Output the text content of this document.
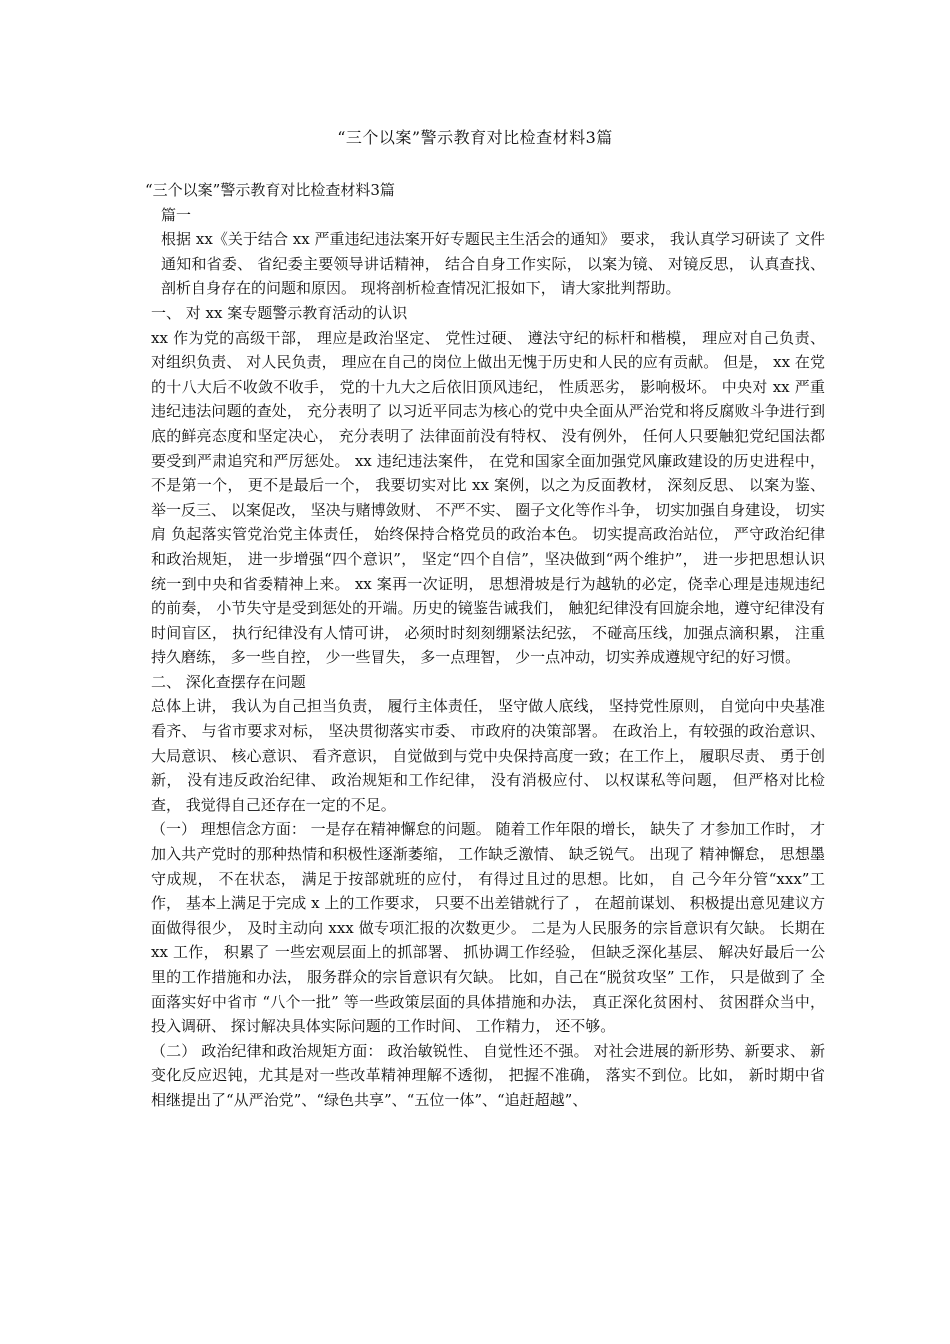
“三个以案”警示教育对比检查材料3篇

“三个以案”警示教育对比检查材料3篇

篇一

根据 xx《关于结合 xx 严重违纪违法案开好专题民主生活会的通知》 要求， 我认真学习研读了 文件通知和省委、 省纪委主要领导讲话精神， 结合自身工作实际， 以案为镜、 对镜反思， 认真查找、 剖析自身存在的问题和原因。 现将剖析检查情况汇报如下， 请大家批判帮助。

一、 对 xx 案专题警示教育活动的认识

xx 作为党的高级干部， 理应是政治坚定、 党性过硬、 遵法守纪的标杆和楷模， 理应对自己负责、 对组织负责、 对人民负责， 理应在自己的岗位上做出无愧于历史和人民的应有贡献。 但是， xx 在党的十八大后不收敛不收手， 党的十九大之后依旧顶风违纪， 性质恶劣， 影响极坏。 中央对 xx 严重违纪违法问题的查处， 充分表明了 以习近平同志为核心的党中央全面从严治党和将反腐败斗争进行到底的鲜亮态度和坚定决心， 充分表明了 法律面前没有特权、 没有例外， 任何人只要触犯党纪国法都要受到严肃追究和严厉惩处。 xx 违纪违法案件， 在党和国家全面加强党风廉政建设的历史进程中， 不是第一个， 更不是最后一个， 我要切实对比 xx 案例，以之为反面教材， 深刻反思、 以案为鉴、 举一反三、 以案促改， 坚决与赌博敛财、 不严不实、 圈子文化等作斗争， 切实加强自身建设， 切实肩 负起落实管党治党主体责任， 始终保持合格党员的政治本色。 切实提高政治站位， 严守政治纪律和政治规矩， 进一步增强“四个意识”， 坚定“四个自信”，坚决做到“两个维护”， 进一步把思想认识统一到中央和省委精神上来。 xx 案再一次证明， 思想滑坡是行为越轨的必定，侥幸心理是违规违纪的前奏， 小节失守是受到惩处的开端。历史的镜鉴告诫我们， 触犯纪律没有回旋余地，遵守纪律没有时间盲区， 执行纪律没有人情可讲， 必须时时刻刻绷紧法纪弦， 不碰高压线，加强点滴积累， 注重持久磨练， 多一些自控， 少一些冒失， 多一点理智， 少一点冲动，切实养成遵规守纪的好习惯。

二、 深化查摆存在问题

总体上讲， 我认为自己担当负责， 履行主体责任， 坚守做人底线， 坚持党性原则， 自觉向中央基准看齐、 与省市要求对标， 坚决贯彻落实市委、 市政府的决策部署。 在政治上，有较强的政治意识、 大局意识、 核心意识、 看齐意识， 自觉做到与党中央保持高度一致；在工作上， 履职尽责、 勇于创新， 没有违反政治纪律、 政治规矩和工作纪律， 没有消极应付、 以权谋私等问题， 但严格对比检查， 我觉得自己还存在一定的不足。

（一） 理想信念方面： 一是存在精神懈怠的问题。 随着工作年限的增长， 缺失了 才参加工作时， 才加入共产党时的那种热情和积极性逐渐萎缩， 工作缺乏激情、 缺乏锐气。 出现了 精神懈怠， 思想墨守成规， 不在状态， 满足于按部就班的应付， 有得过且过的思想。比如， 自 己今年分管“xxx”工作， 基本上满足于完成 x 上的工作要求， 只要不出差错就行了 ， 在超前谋划、 积极提出意见建议方面做得很少， 及时主动向 xxx 做专项汇报的次数更少。 二是为人民服务的宗旨意识有欠缺。 长期在 xx 工作， 积累了 一些宏观层面上的抓部署、 抓协调工作经验， 但缺乏深化基层、 解决好最后一公里的工作措施和办法， 服务群众的宗旨意识有欠缺。 比如，自己在“脱贫攻坚” 工作， 只是做到了 全面落实好中省市 “八个一批” 等一些政策层面的具体措施和办法， 真正深化贫困村、 贫困群众当中， 投入调研、 探讨解决具体实际问题的工作时间、 工作精力， 还不够。

（二） 政治纪律和政治规矩方面： 政治敏锐性、 自觉性还不强。 对社会进展的新形势、新要求、 新变化反应迟钝，尤其是对一些改革精神理解不透彻， 把握不准确， 落实不到位。比如， 新时期中省相继提出了“从严治党”、“绿色共享”、“五位一体”、“追赶超越”、
